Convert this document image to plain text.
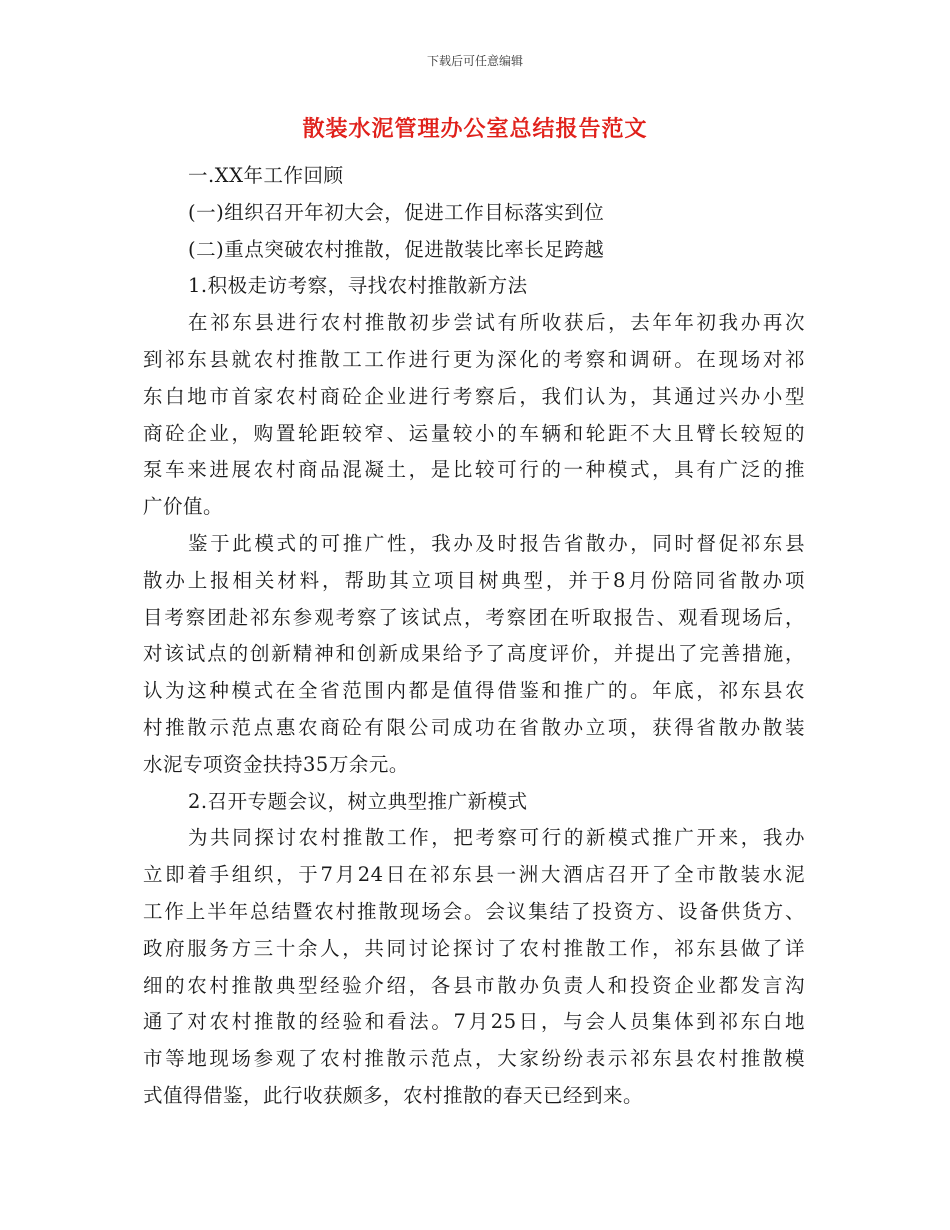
下载后可任意编辑
散装水泥管理办公室总结报告范文
一.XX年工作回顾
(一)组织召开年初大会，促进工作目标落实到位
(二)重点突破农村推散，促进散装比率长足跨越
1.积极走访考察，寻找农村推散新方法
在祁东县进行农村推散初步尝试有所收获后，去年年初我办再次
到祁东县就农村推散工工作进行更为深化的考察和调研。在现场对祁
东白地市首家农村商砼企业进行考察后，我们认为，其通过兴办小型
商砼企业，购置轮距较窄、运量较小的车辆和轮距不大且臂长较短的
泵车来进展农村商品混凝土，是比较可行的一种模式，具有广泛的推
广价值。
鉴于此模式的可推广性，我办及时报告省散办，同时督促祁东县
散办上报相关材料，帮助其立项目树典型，并于8月份陪同省散办项
目考察团赴祁东参观考察了该试点，考察团在听取报告、观看现场后，
对该试点的创新精神和创新成果给予了高度评价，并提出了完善措施，
认为这种模式在全省范围内都是值得借鉴和推广的。年底，祁东县农
村推散示范点惠农商砼有限公司成功在省散办立项，获得省散办散装
水泥专项资金扶持35万余元。
2.召开专题会议，树立典型推广新模式
为共同探讨农村推散工作，把考察可行的新模式推广开来，我办
立即着手组织，于7月24日在祁东县一洲大酒店召开了全市散装水泥
工作上半年总结暨农村推散现场会。会议集结了投资方、设备供货方、
政府服务方三十余人，共同讨论探讨了农村推散工作，祁东县做了详
细的农村推散典型经验介绍，各县市散办负责人和投资企业都发言沟
通了对农村推散的经验和看法。7月25日，与会人员集体到祁东白地
市等地现场参观了农村推散示范点，大家纷纷表示祁东县农村推散模
式值得借鉴，此行收获颇多，农村推散的春天已经到来。
